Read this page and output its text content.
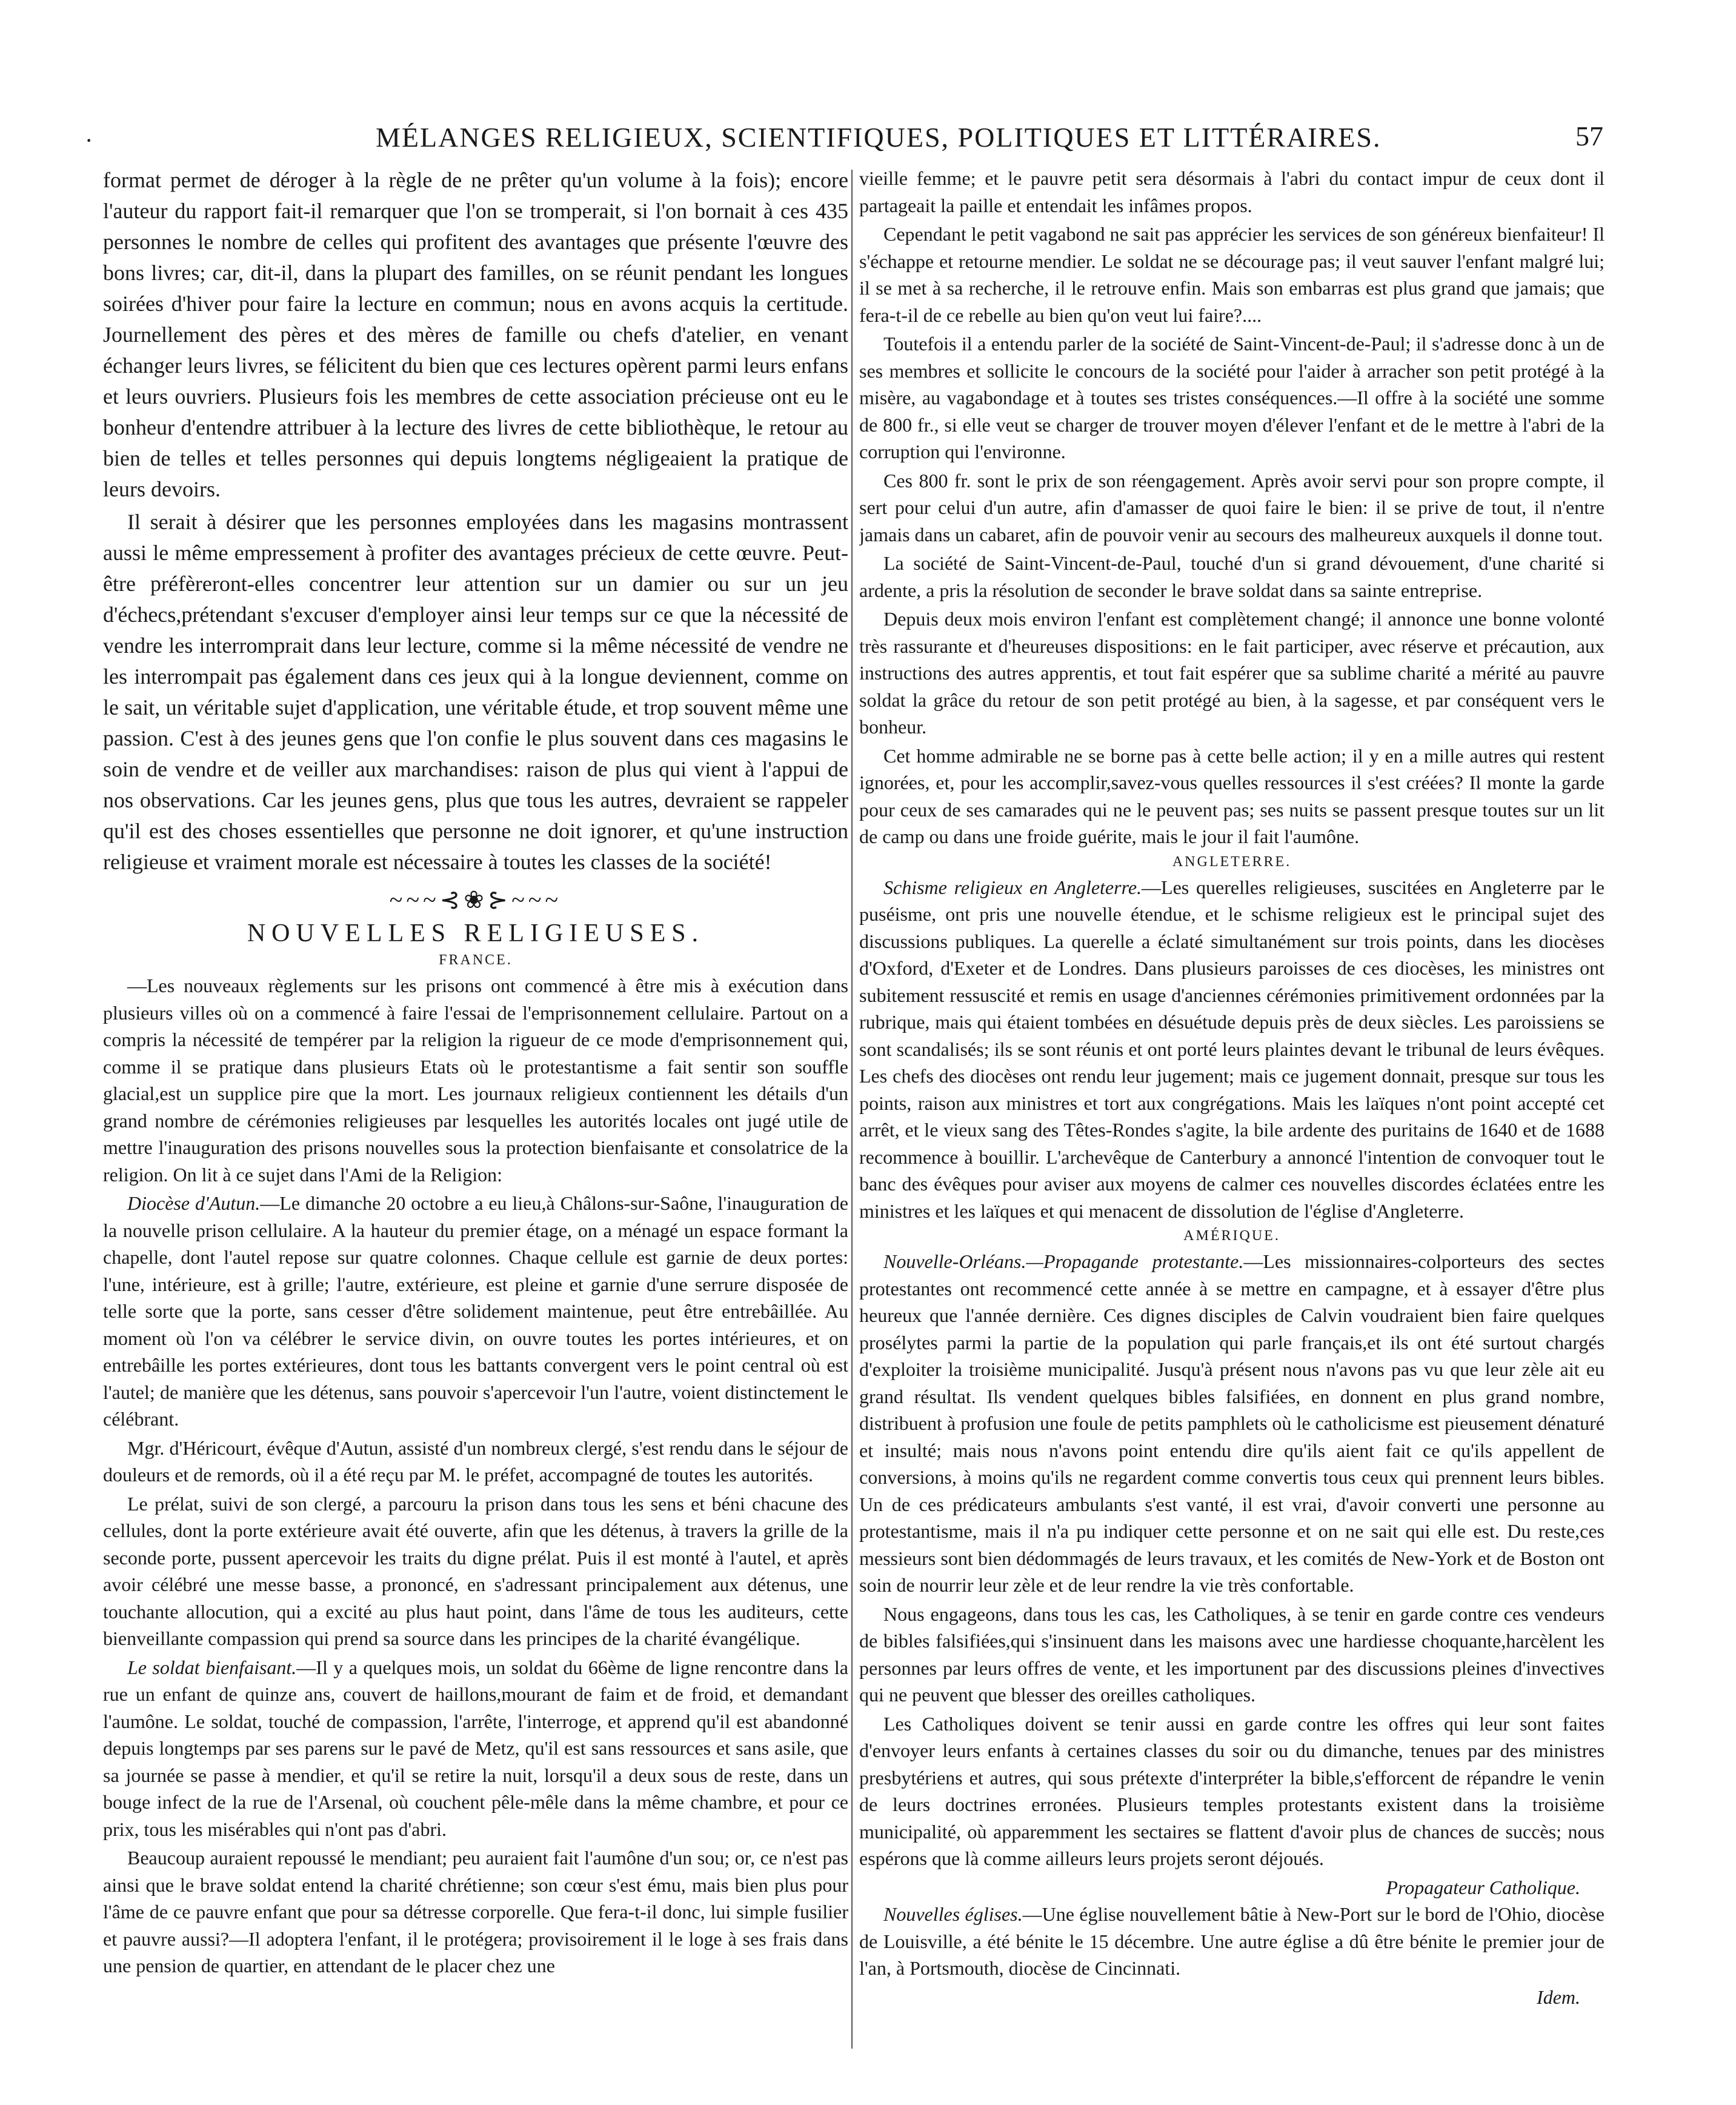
·	MÉLANGES RELIGIEUX, SCIENTIFIQUES, POLITIQUES ET LITTÉRAIRES.	57

format permet de déroger à la règle de ne prêter qu'un volume à la fois); encore l'auteur du rapport fait-il remarquer que l'on se tromperait, si l'on bornait à ces 435 personnes le nombre de celles qui profitent des avantages que présente l'œuvre des bons livres; car, dit-il, dans la plupart des familles, on se réunit pendant les longues soirées d'hiver pour faire la lecture en commun; nous en avons acquis la certitude. Journellement des pères et des mères de famille ou chefs d'atelier, en venant échanger leurs livres, se félicitent du bien que ces lectures opèrent parmi leurs enfans et leurs ouvriers. Plusieurs fois les membres de cette association précieuse ont eu le bonheur d'entendre attribuer à la lecture des livres de cette bibliothèque, le retour au bien de telles et telles personnes qui depuis longtems négligeaient la pratique de leurs devoirs.

Il serait à désirer que les personnes employées dans les magasins montrassent aussi le même empressement à profiter des avantages précieux de cette œuvre. Peut-être préfèreront-elles concentrer leur attention sur un damier ou sur un jeu d'échecs,prétendant s'excuser d'employer ainsi leur temps sur ce que la nécessité de vendre les interromprait dans leur lecture, comme si la même nécessité de vendre ne les interrompait pas également dans ces jeux qui à la longue deviennent, comme on le sait, un véritable sujet d'application, une véritable étude, et trop souvent même une passion. C'est à des jeunes gens que l'on confie le plus souvent dans ces magasins le soin de vendre et de veiller aux marchandises: raison de plus qui vient à l'appui de nos observations. Car les jeunes gens, plus que tous les autres, devraient se rappeler qu'il est des choses essentielles que personne ne doit ignorer, et qu'une instruction religieuse et vraiment morale est nécessaire à toutes les classes de la société!

~~~⊰❀⊱~~~
NOUVELLES RELIGIEUSES.
FRANCE.

—Les nouveaux règlements sur les prisons ont commencé à être mis à exécution dans plusieurs villes où on a commencé à faire l'essai de l'emprisonnement cellulaire. Partout on a compris la nécessité de tempérer par la religion la rigueur de ce mode d'emprisonnement qui, comme il se pratique dans plusieurs Etats où le protestantisme a fait sentir son souffle glacial,est un supplice pire que la mort. Les journaux religieux contiennent les détails d'un grand nombre de cérémonies religieuses par lesquelles les autorités locales ont jugé utile de mettre l'inauguration des prisons nouvelles sous la protection bienfaisante et consolatrice de la religion. On lit à ce sujet dans l'Ami de la Religion:

Diocèse d'Autun.—Le dimanche 20 octobre a eu lieu,à Châlons-sur-Saône, l'inauguration de la nouvelle prison cellulaire. A la hauteur du premier étage, on a ménagé un espace formant la chapelle, dont l'autel repose sur quatre colonnes. Chaque cellule est garnie de deux portes: l'une, intérieure, est à grille; l'autre, extérieure, est pleine et garnie d'une serrure disposée de telle sorte que la porte, sans cesser d'être solidement maintenue, peut être entrebâillée. Au moment où l'on va célébrer le service divin, on ouvre toutes les portes intérieures, et on entrebâille les portes extérieures, dont tous les battants convergent vers le point central où est l'autel; de manière que les détenus, sans pouvoir s'apercevoir l'un l'autre, voient distinctement le célébrant.

Mgr. d'Héricourt, évêque d'Autun, assisté d'un nombreux clergé, s'est rendu dans le séjour de douleurs et de remords, où il a été reçu par M. le préfet, accompagné de toutes les autorités.

Le prélat, suivi de son clergé, a parcouru la prison dans tous les sens et béni chacune des cellules, dont la porte extérieure avait été ouverte, afin que les détenus, à travers la grille de la seconde porte, pussent apercevoir les traits du digne prélat. Puis il est monté à l'autel, et après avoir célébré une messe basse, a prononcé, en s'adressant principalement aux détenus, une touchante allocution, qui a excité au plus haut point, dans l'âme de tous les auditeurs, cette bienveillante compassion qui prend sa source dans les principes de la charité évangélique.

Le soldat bienfaisant.—Il y a quelques mois, un soldat du 66ème de ligne rencontre dans la rue un enfant de quinze ans, couvert de haillons,mourant de faim et de froid, et demandant l'aumône. Le soldat, touché de compassion, l'arrête, l'interroge, et apprend qu'il est abandonné depuis longtemps par ses parens sur le pavé de Metz, qu'il est sans ressources et sans asile, que sa journée se passe à mendier, et qu'il se retire la nuit, lorsqu'il a deux sous de reste, dans un bouge infect de la rue de l'Arsenal, où couchent pêle-mêle dans la même chambre, et pour ce prix, tous les misérables qui n'ont pas d'abri.

Beaucoup auraient repoussé le mendiant; peu auraient fait l'aumône d'un sou; or, ce n'est pas ainsi que le brave soldat entend la charité chrétienne; son cœur s'est ému, mais bien plus pour l'âme de ce pauvre enfant que pour sa détresse corporelle. Que fera-t-il donc, lui simple fusilier et pauvre aussi?—Il adoptera l'enfant, il le protégera; provisoirement il le loge à ses frais dans une pension de quartier, en attendant de le placer chez une

vieille femme; et le pauvre petit sera désormais à l'abri du contact impur de ceux dont il partageait la paille et entendait les infâmes propos.

Cependant le petit vagabond ne sait pas apprécier les services de son généreux bienfaiteur! Il s'échappe et retourne mendier. Le soldat ne se décourage pas; il veut sauver l'enfant malgré lui; il se met à sa recherche, il le retrouve enfin. Mais son embarras est plus grand que jamais; que fera-t-il de ce rebelle au bien qu'on veut lui faire?....

Toutefois il a entendu parler de la société de Saint-Vincent-de-Paul; il s'adresse donc à un de ses membres et sollicite le concours de la société pour l'aider à arracher son petit protégé à la misère, au vagabondage et à toutes ses tristes conséquences.—Il offre à la société une somme de 800 fr., si elle veut se charger de trouver moyen d'élever l'enfant et de le mettre à l'abri de la corruption qui l'environne.

Ces 800 fr. sont le prix de son réengagement. Après avoir servi pour son propre compte, il sert pour celui d'un autre, afin d'amasser de quoi faire le bien: il se prive de tout, il n'entre jamais dans un cabaret, afin de pouvoir venir au secours des malheureux auxquels il donne tout.

La société de Saint-Vincent-de-Paul, touché d'un si grand dévouement, d'une charité si ardente, a pris la résolution de seconder le brave soldat dans sa sainte entreprise.

Depuis deux mois environ l'enfant est complètement changé; il annonce une bonne volonté très rassurante et d'heureuses dispositions: en le fait participer, avec réserve et précaution, aux instructions des autres apprentis, et tout fait espérer que sa sublime charité a mérité au pauvre soldat la grâce du retour de son petit protégé au bien, à la sagesse, et par conséquent vers le bonheur.

Cet homme admirable ne se borne pas à cette belle action; il y en a mille autres qui restent ignorées, et, pour les accomplir,savez-vous quelles ressources il s'est créées? Il monte la garde pour ceux de ses camarades qui ne le peuvent pas; ses nuits se passent presque toutes sur un lit de camp ou dans une froide guérite, mais le jour il fait l'aumône.

ANGLETERRE.

Schisme religieux en Angleterre.—Les querelles religieuses, suscitées en Angleterre par le puséisme, ont pris une nouvelle étendue, et le schisme religieux est le principal sujet des discussions publiques. La querelle a éclaté simultanément sur trois points, dans les diocèses d'Oxford, d'Exeter et de Londres. Dans plusieurs paroisses de ces diocèses, les ministres ont subitement ressuscité et remis en usage d'anciennes cérémonies primitivement ordonnées par la rubrique, mais qui étaient tombées en désuétude depuis près de deux siècles. Les paroissiens se sont scandalisés; ils se sont réunis et ont porté leurs plaintes devant le tribunal de leurs évêques. Les chefs des diocèses ont rendu leur jugement; mais ce jugement donnait, presque sur tous les points, raison aux ministres et tort aux congrégations. Mais les laïques n'ont point accepté cet arrêt, et le vieux sang des Têtes-Rondes s'agite, la bile ardente des puritains de 1640 et de 1688 recommence à bouillir. L'archevêque de Canterbury a annoncé l'intention de convoquer tout le banc des évêques pour aviser aux moyens de calmer ces nouvelles discordes éclatées entre les ministres et les laïques et qui menacent de dissolution de l'église d'Angleterre.

AMÉRIQUE.

Nouvelle-Orléans.—Propagande protestante.—Les missionnaires-colporteurs des sectes protestantes ont recommencé cette année à se mettre en campagne, et à essayer d'être plus heureux que l'année dernière. Ces dignes disciples de Calvin voudraient bien faire quelques prosélytes parmi la partie de la population qui parle français,et ils ont été surtout chargés d'exploiter la troisième municipalité. Jusqu'à présent nous n'avons pas vu que leur zèle ait eu grand résultat. Ils vendent quelques bibles falsifiées, en donnent en plus grand nombre, distribuent à profusion une foule de petits pamphlets où le catholicisme est pieusement dénaturé et insulté; mais nous n'avons point entendu dire qu'ils aient fait ce qu'ils appellent de conversions, à moins qu'ils ne regardent comme convertis tous ceux qui prennent leurs bibles. Un de ces prédicateurs ambulants s'est vanté, il est vrai, d'avoir converti une personne au protestantisme, mais il n'a pu indiquer cette personne et on ne sait qui elle est. Du reste,ces messieurs sont bien dédommagés de leurs travaux, et les comités de New-York et de Boston ont soin de nourrir leur zèle et de leur rendre la vie très confortable.

Nous engageons, dans tous les cas, les Catholiques, à se tenir en garde contre ces vendeurs de bibles falsifiées,qui s'insinuent dans les maisons avec une hardiesse choquante,harcèlent les personnes par leurs offres de vente, et les importunent par des discussions pleines d'invectives qui ne peuvent que blesser des oreilles catholiques.

Les Catholiques doivent se tenir aussi en garde contre les offres qui leur sont faites d'envoyer leurs enfants à certaines classes du soir ou du dimanche, tenues par des ministres presbytériens et autres, qui sous prétexte d'interpréter la bible,s'efforcent de répandre le venin de leurs doctrines erronées. Plusieurs temples protestants existent dans la troisième municipalité, où apparemment les sectaires se flattent d'avoir plus de chances de succès; nous espérons que là comme ailleurs leurs projets seront déjoués.

Propagateur Catholique.

Nouvelles églises.—Une église nouvellement bâtie à New-Port sur le bord de l'Ohio, diocèse de Louisville, a été bénite le 15 décembre. Une autre église a dû être bénite le premier jour de l'an, à Portsmouth, diocèse de Cincinnati.

Idem.
